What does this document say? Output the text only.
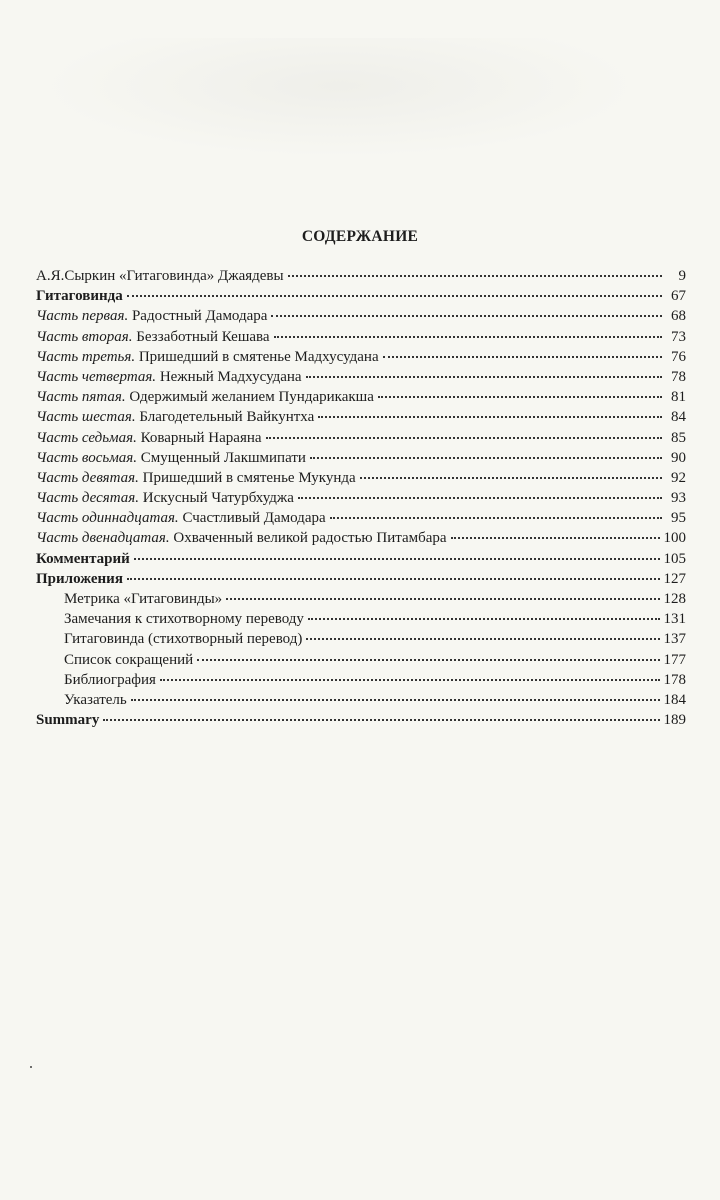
СОДЕРЖАНИЕ
А.Я.Сыркин «Гитаговинда» Джаядевы	9
Гитаговинда	67
Часть первая. Радостный Дамодара	68
Часть вторая. Беззаботный Кешава	73
Часть третья. Пришедший в смятенье Мадхусудана	76
Часть четвертая. Нежный Мадхусудана	78
Часть пятая. Одержимый желанием Пундарикакша	81
Часть шестая. Благодетельный Вайкунтха	84
Часть седьмая. Коварный Нараяна	85
Часть восьмая. Смущенный Лакшмипати	90
Часть девятая. Пришедший в смятенье Мукунда	92
Часть десятая. Искусный Чатурбхуджа	93
Часть одиннадцатая. Счастливый Дамодара	95
Часть двенадцатая. Охваченный великой радостью Питамбара	100
Комментарий	105
Приложения	127
Метрика «Гитаговинды»	128
Замечания к стихотворному переводу	131
Гитаговинда (стихотворный перевод)	137
Список сокращений	177
Библиография	178
Указатель	184
Summary	189
